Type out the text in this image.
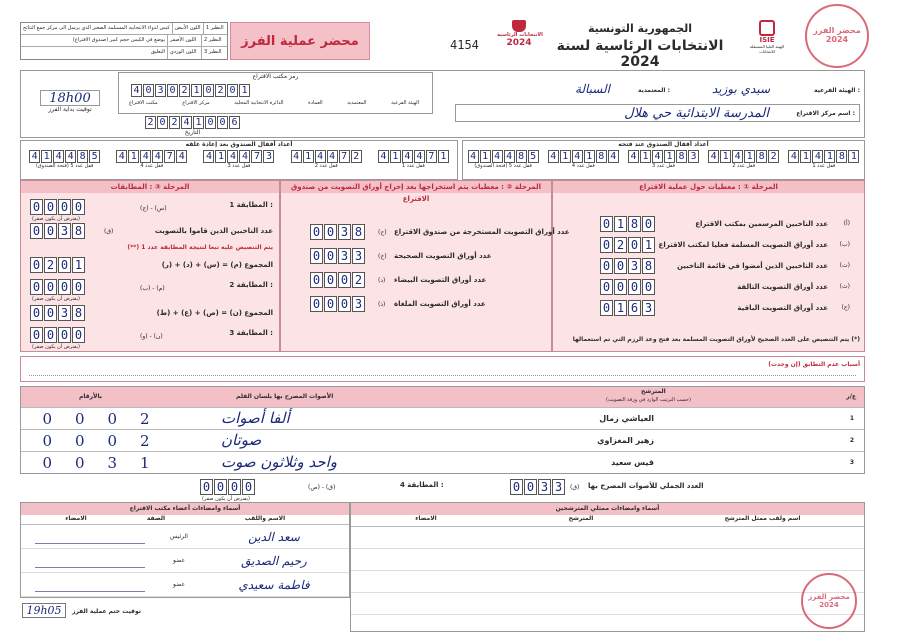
كيس لدواء الانتخابية المستلمة الصغير الذي يرسل الى مركز جمع النتائج	اللون الأبيض	النظير 1
يوضع في الكيس حجم كبير (صندوق الاقتراع)	اللون الأصفر	النظير 2
التعليق	اللون الوردي	النظير 3
محضر عملية الفرز	4154
الانتخابات الرئاسية
2024
الجمهورية التونسية
الانتخابات الرئاسية لسنة 2024
ISIE
الهيئة العليا المستقلة للانتخابات
محضر الفرز 2024
18h00
توقيت بداية الفرز
رمز مكتب الاقتراع
4 0 3 0 2 1 0 2 0 1
مكتب الاقتراع	مركز الاقتراع	الدائرة الانتخابية المحلية	العمادة	المعتمدية	الهيئة الفرعية
2 0 2 4 1 0 0 6
التاريخ
الهيئة الفرعية :
سيدي بوزيد
المعتمدية :
السبالة
اسم مركز الاقتراع :
المدرسة الابتدائية حي هلال
أعداد أقفال الصندوق بعد إعادة غلقه
4 1 4 4 8 5
قفل عدد 5 (فتحة الصندوق)
4 1 4 4 7 4
قفل عدد 4
4 1 4 4 7 3
قفل عدد 3
4 1 4 4 7 2
قفل عدد 2
4 1 4 4 7 1
قفل عدد 1
أعداد أقفال الصندوق عند فتحه
4 1 4 4 8 5
قفل عدد 5 (فتحة الصندوق)
4 1 4 1 8 4
قفل عدد 4
4 1 4 1 8 3
قفل عدد 3
4 1 4 1 8 2
قفل عدد 2
4 1 4 1 8 1
قفل عدد 1
المرحلة ③ : المطابقات	المرحلة ② : معطيات يتم استخراجها بعد إخراج أوراق التصويت من صندوق الاقتراع
المرحلة ① : معطيات حول عملية الاقتراع
0 1 8 0	عدد الناخبين المرسمين بمكتب الاقتراع	(أ)
0 2 0 1 عدد أوراق التصويت المسلمة فعليا لمكتب الاقتراع (ب)
0 0 3 8	عدد الناخبين الذين أمضوا في قائمة الناخبين (ت)
0 0 0 0	عدد أوراق التصويت التالفة (ث)
0 1 6 3	عدد أوراق التصويت الباقية (ج)
(*) يتم التنصيص على العدد الصحيح لأوراق التصويت المسلمة بعد فتح وعد الرزم التي تم استعمالها
0 0 3 8	(ح) عدد أوراق التصويت المستخرجة من صندوق الاقتراع
0 0 3 3	(خ) عدد أوراق التصويت الصحيحة
0 0 0 2	(د) عدد أوراق التصويت البيضاء
0 0 0 3	(ذ) عدد أوراق التصويت الملغاة
0 0 0 0	(ج) - (س)	المطابقة 1 :
(يفترض أن يكون صفر)
0 0 3 8	(ق)	عدد الناخبين الذين قاموا بالتصويت
(**) يتم التنصيص عليه تبعا لنتيجة المطابقة عدد 1
0 2 0 1	المجموع (م) = (س) + (د) + (ر)
0 0 0 0	(ب) - (م)	المطابقة 2 :
(يفترض أن يكون صفر)
0 0 3 8	المجموع (ن) = (ص) + (ع) + (ط)
0 0 0 0	(و) - (ن)	المطابقة 3 :
(يفترض أن يكون صفر)
أسباب عدم التطابق (إن وجدت)
بالأرقام	الأصوات المصرح بها بلسان القلم
المترشح
(حسب الترتيب الوارد في ورقة التصويت)	ع/ر
0 0 0 2	ألفا أصوات	العياشي زمال	1
0 0 0 2	صوتان	زهير المغزاوي	2
0 0 3 1	واحد وثلاثون صوت	قيس سعيد	3
0 0 0 0	(ص) - (ق)	المطابقة 4 :
(يفترض أن يكون صفر)
0 0 3 3	(ق) العدد الجملي للأصوات المصرح بها
أسماء وامضاءات أعضاء مكتب الاقتراع
الامضاء	الصفة	الاسم واللقب
الرئيس	سعد الدين
عضو	رحيم الصديق
عضو	فاطمة سعيدي
أسماء وامضاءات ممثلي المترشحين
الامضاء	المترشح	اسم ولقب ممثل المترشح
محضر الفرز 2024
19h05	توقيت ختم عملية الفرز
